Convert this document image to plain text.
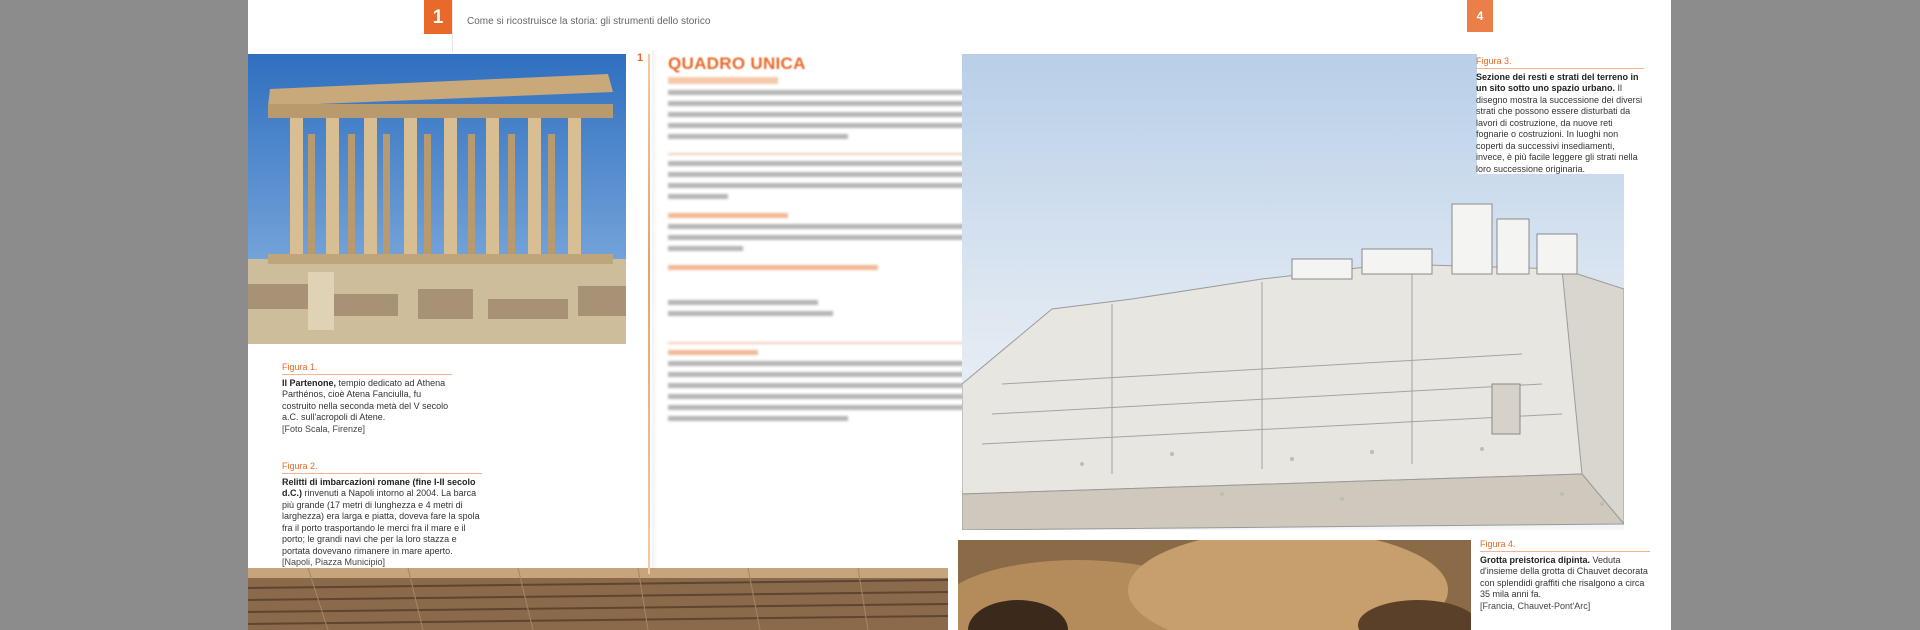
1	Come si ricostruisce la storia: gli strumenti dello storico	4
Figura 1.
Il Partenone, tempio dedicato ad Athena Parthénos, cioè Atena Fanciulla, fu costruito nella seconda metà del V secolo a.C. sull'acropoli di Atene.
[Foto Scala, Firenze]
Figura 2.
Relitti di imbarcazioni romane (fine I-II secolo d.C.) rinvenuti a Napoli intorno al 2004. La barca più grande (17 metri di lunghezza e 4 metri di larghezza) era larga e piatta, doveva fare la spola fra il porto trasportando le merci fra il mare e il porto; le grandi navi che per la loro stazza e portata dovevano rimanere in mare aperto.
[Napoli, Piazza Municipio]
1 QUADRO UNICA	Figura 3.
Sezione dei resti e strati del terreno in un sito sotto uno spazio urbano. Il disegno mostra la successione dei diversi strati che possono essere disturbati da lavori di costruzione, da nuove reti fognarie o costruzioni. In luoghi non coperti da successivi insediamenti, invece, è più facile leggere gli strati nella loro successione originaria.
Figura 4.
Grotta preistorica dipinta. Veduta d'insieme della grotta di Chauvet decorata con splendidi graffiti che risalgono a circa 35 mila anni fa.
[Francia, Chauvet-Pont'Arc]
